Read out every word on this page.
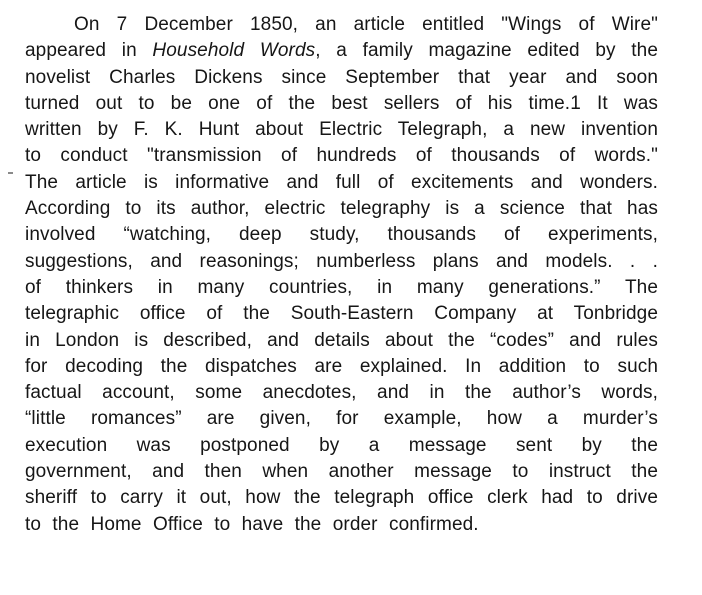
On 7 December 1850, an article entitled "Wings of Wire"
appeared in Household Words, a family magazine edited by the
novelist Charles Dickens since September that year and soon
turned out to be one of the best sellers of his time.1 It was
written by F. K. Hunt about Electric Telegraph, a new invention
to conduct "transmission of hundreds of thousands of words."
The article is informative and full of excitements and wonders.
According to its author, electric telegraphy is a science that has
involved “watching, deep study, thousands of experiments,
suggestions, and reasonings; numberless plans and models. . .
of thinkers in many countries, in many generations.” The
telegraphic office of the South-Eastern Company at Tonbridge
in London is described, and details about the “codes” and rules
for decoding the dispatches are explained. In addition to such
factual account, some anecdotes, and in the author’s words,
“little romances” are given, for example, how a murder’s
execution was postponed by a message sent by the
government, and then when another message to instruct the
sheriff to carry it out, how the telegraph office clerk had to drive
to the Home Office to have the order confirmed.
